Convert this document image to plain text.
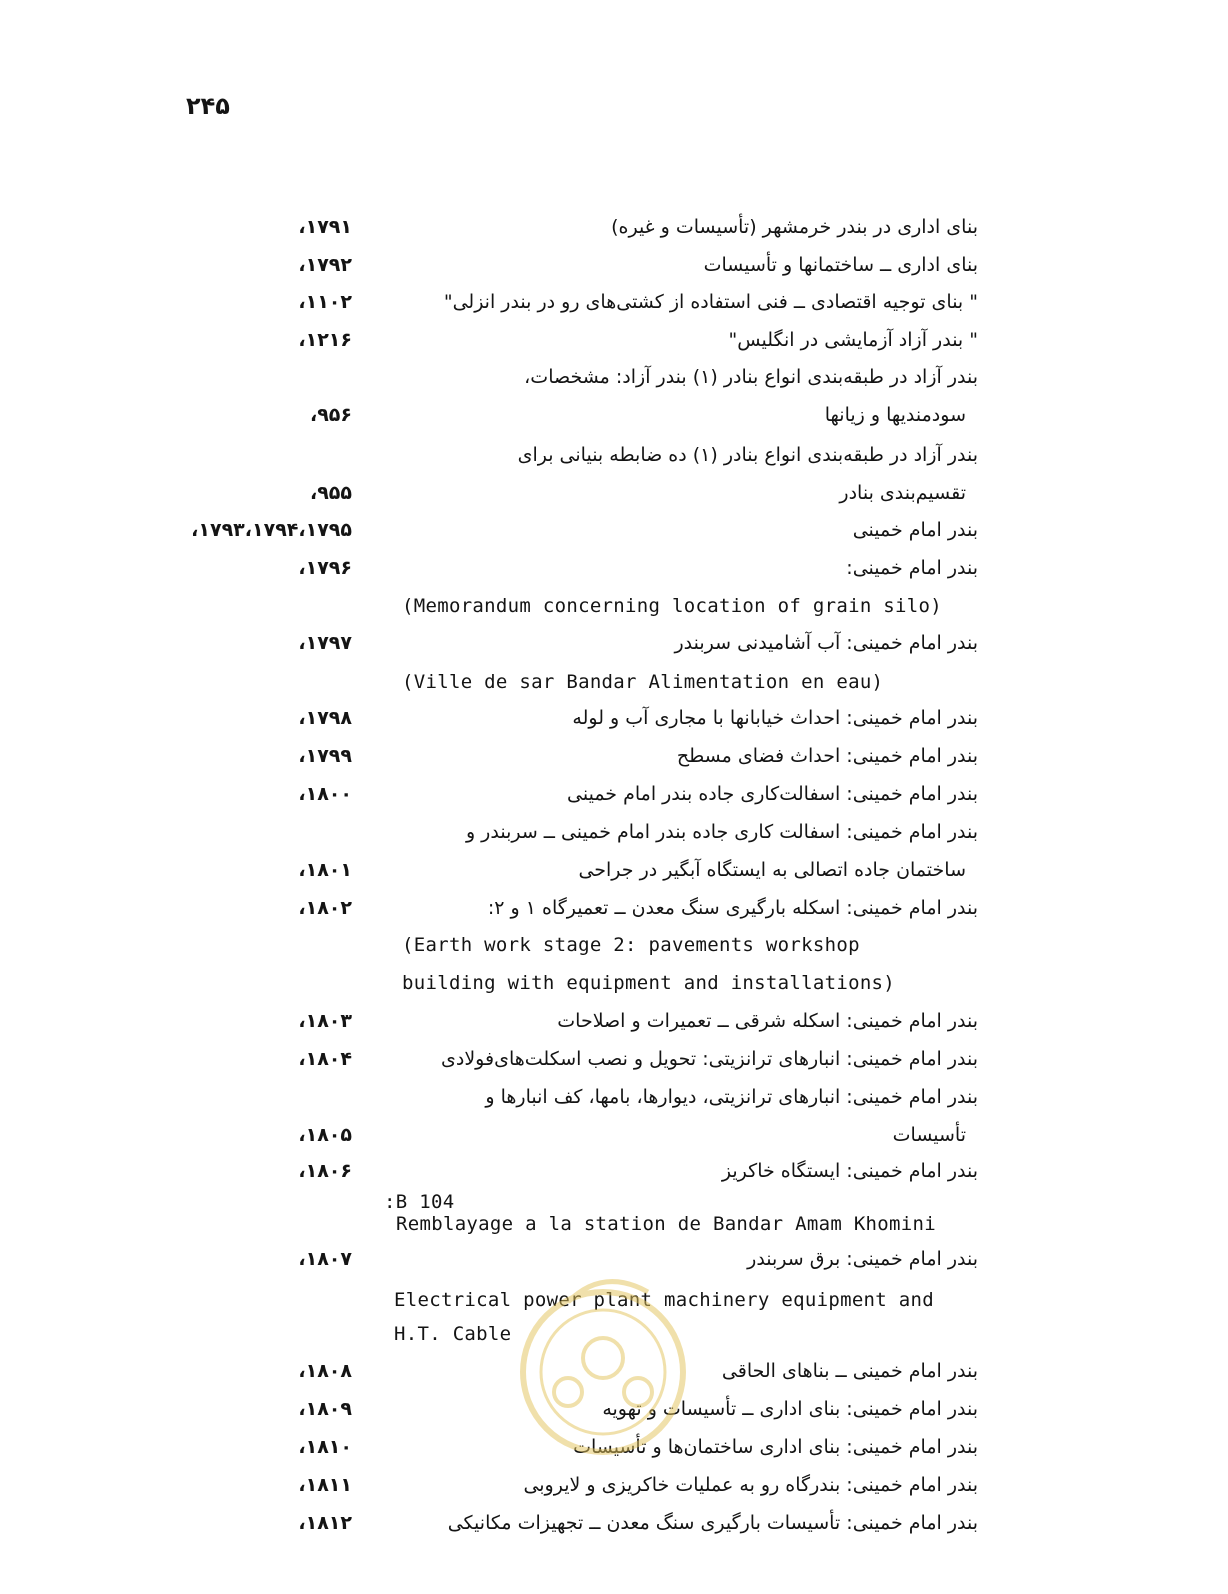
۲۴۵
بنای اداری در بندر خرمشهر (تأسیسات و غیره)
۱۷۹۱،
بنای اداری ــ ساختمانها و تأسیسات
۱۷۹۲،
" بنای توجیه اقتصادی ــ فنی استفاده از کشتی‌های رو در بندر انزلی"
۱۱۰۲،
" بندر آزاد آزمایشی در انگلیس"
۱۲۱۶،
بندر آزاد در طبقه‌بندی انواع بنادر (۱) بندر آزاد: مشخصات،
سودمندیها و زیانها
۹۵۶،
بندر آزاد در طبقه‌بندی انواع بنادر (۱) ده ضابطه بنیانی برای
تقسیم‌بندی بنادر
۹۵۵،
بندر امام خمینی
۱۷۹۳،۱۷۹۴،۱۷۹۵،
بندر امام خمینی:
۱۷۹۶،
(Memorandum concerning location of grain silo)
بندر امام خمینی: آب آشامیدنی سربندر
۱۷۹۷،
(Ville de sar Bandar Alimentation en eau)
بندر امام خمینی: احداث خیابانها با مجاری آب و لوله
۱۷۹۸،
بندر امام خمینی: احداث فضای مسطح
۱۷۹۹،
بندر امام خمینی: اسفالت‌کاری جاده بندر امام خمینی
۱۸۰۰،
بندر امام خمینی: اسفالت کاری جاده بندر امام خمینی ــ سربندر و
ساختمان جاده اتصالی به ایستگاه آبگیر در جراحی
۱۸۰۱،
بندر امام خمینی: اسکله بارگیری سنگ معدن ــ تعمیرگاه ۱ و ۲:
۱۸۰۲،
(Earth work stage 2: pavements workshop
building with equipment and installations)
بندر امام خمینی: اسکله شرقی ــ تعمیرات و اصلاحات
۱۸۰۳،
بندر امام خمینی: انبارهای ترانزیتی: تحویل و نصب اسکلت‌های‌فولادی
۱۸۰۴،
بندر امام خمینی: انبارهای ترانزیتی، دیوارها، بامها، کف انبارها و
تأسیسات
۱۸۰۵،
بندر امام خمینی: ایستگاه خاکریز
۱۸۰۶،
:B 104
Remblayage a la station de Bandar Amam Khomini
بندر امام خمینی: برق سربندر
۱۸۰۷،
Electrical power plant machinery equipment and
H.T. Cable
بندر امام خمینی ــ بناهای الحاقی
۱۸۰۸،
بندر امام خمینی: بنای اداری ــ تأسیسات و تهویه
۱۸۰۹،
بندر امام خمینی: بنای اداری ساختمان‌ها و تأسیسات
۱۸۱۰،
بندر امام خمینی: بندرگاه رو به عملیات خاکریزی و لایروبی
۱۸۱۱،
بندر امام خمینی: تأسیسات بارگیری سنگ معدن ــ تجهیزات مکانیکی
۱۸۱۲،
